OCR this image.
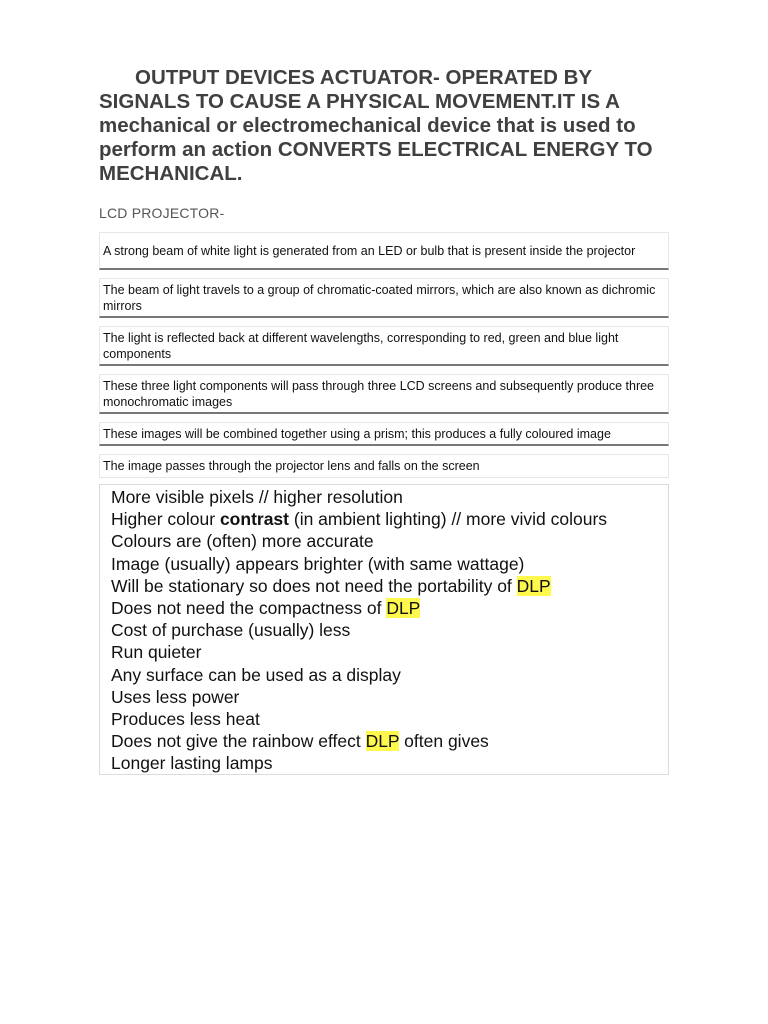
OUTPUT DEVICES ACTUATOR- OPERATED BY SIGNALS TO CAUSE A PHYSICAL MOVEMENT.IT IS A mechanical or electromechanical device that is used to perform an action CONVERTS ELECTRICAL ENERGY TO MECHANICAL.
LCD PROJECTOR-
A strong beam of white light is generated from an LED or bulb that is present inside the projector
The beam of light travels to a group of chromatic-coated mirrors, which are also known as dichromic mirrors
The light is reflected back at different wavelengths, corresponding to red, green and blue light components
These three light components will pass through three LCD screens and subsequently produce three monochromatic images
These images will be combined together using a prism; this produces a fully coloured image
The image passes through the projector lens and falls on the screen
More visible pixels // higher resolution
Higher colour contrast (in ambient lighting) // more vivid colours
Colours are (often) more accurate
Image (usually) appears brighter (with same wattage)
Will be stationary so does not need the portability of DLP
Does not need the compactness of DLP
Cost of purchase (usually) less
Run quieter
Any surface can be used as a display
Uses less power
Produces less heat
Does not give the rainbow effect DLP often gives
Longer lasting lamps
